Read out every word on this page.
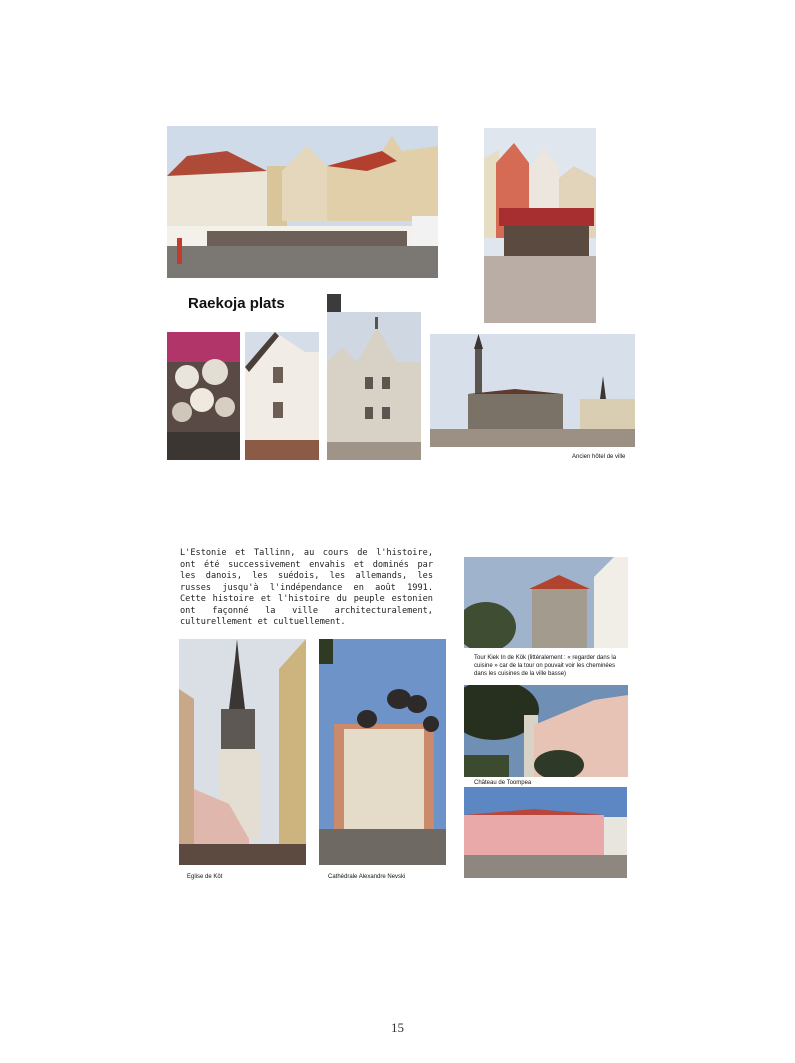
Raekoja plats
Ancien hôtel de ville
L'Estonie et Tallinn, au cours de l'histoire, ont été successivement envahis et dominés par les danois, les suédois, les allemands, les russes jusqu'à l'indépendance en août 1991. Cette histoire et l'histoire du peuple estonien ont façonné la ville architecturalement, culturellement et cultuellement.
Tour Kiek In de Kök (littéralement : « regarder dans la cuisine » car de la tour on pouvait voir les cheminées dans les cuisines de la ville basse)
Château de Toompea
Eglise de Köt	Cathédrale Alexandre Nevski
15
